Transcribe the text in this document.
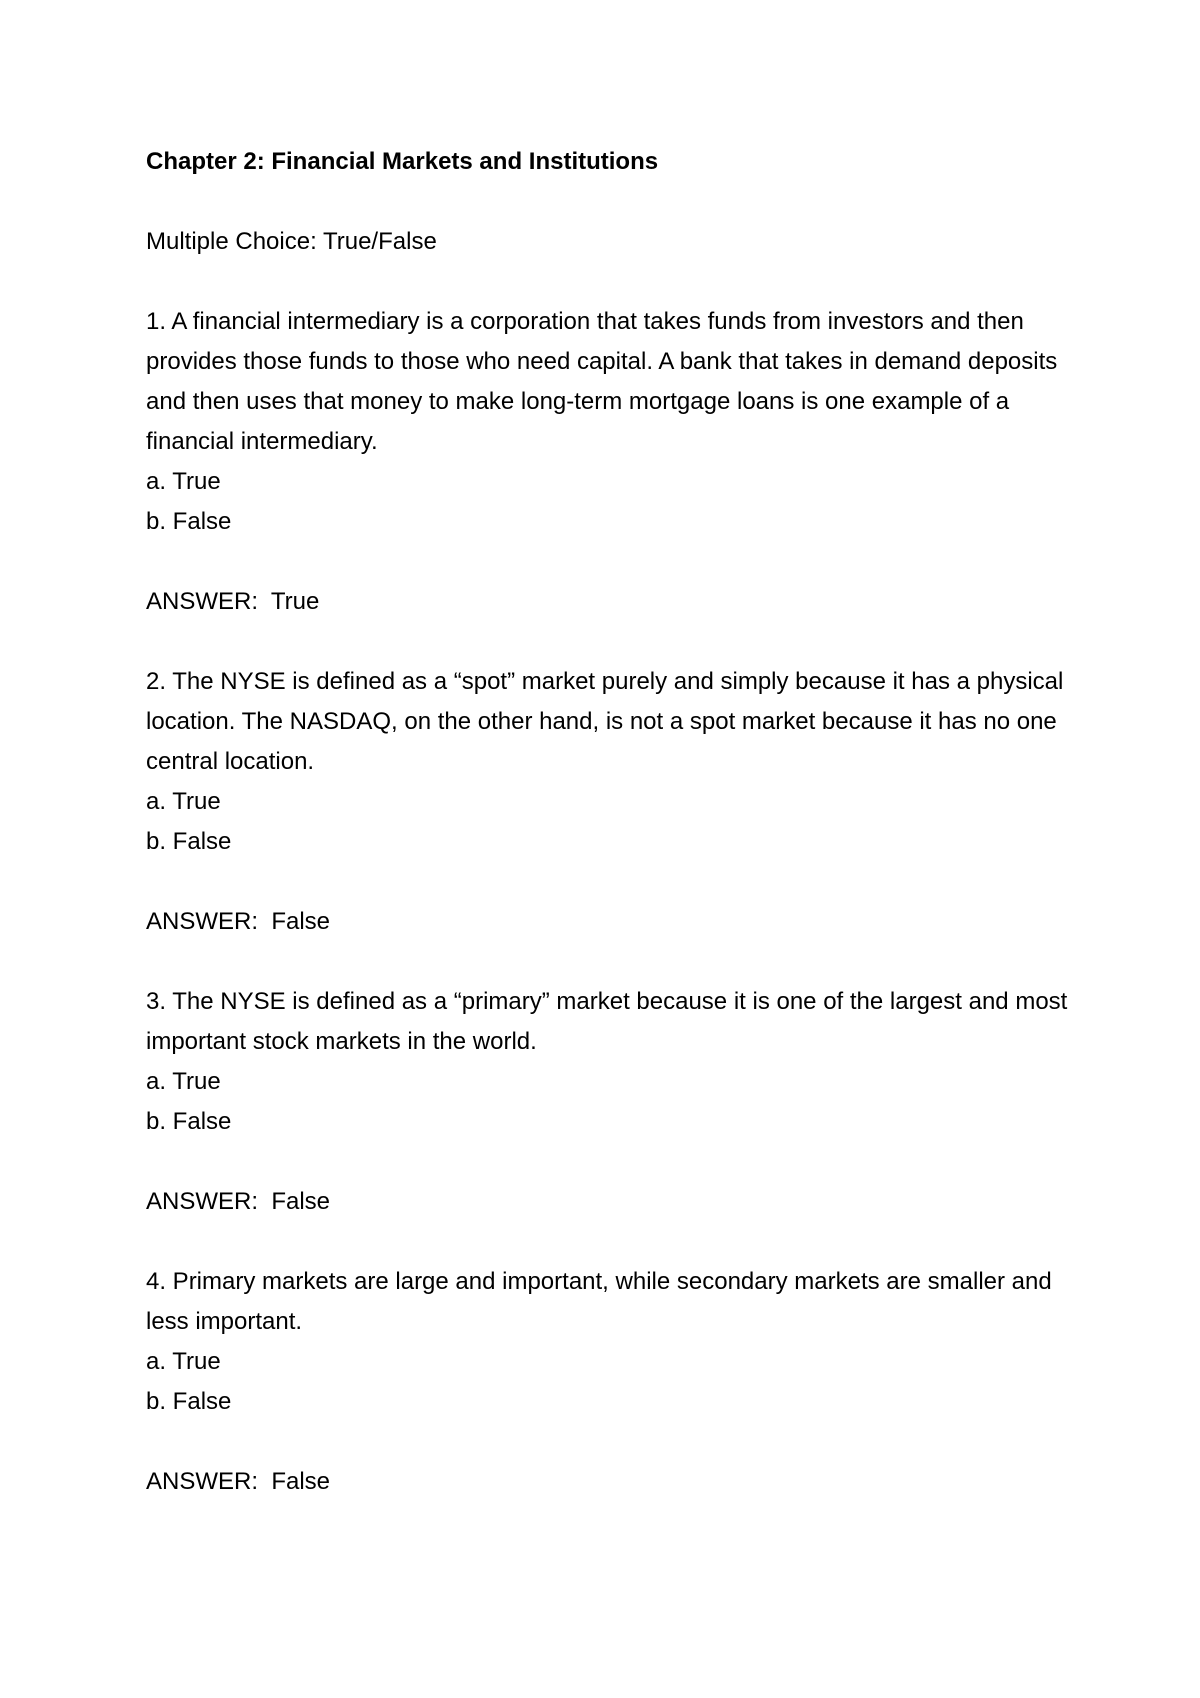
Chapter 2: Financial Markets and Institutions

Multiple Choice: True/False

1. A financial intermediary is a corporation that takes funds from investors and then provides those funds to those who need capital. A bank that takes in demand deposits and then uses that money to make long-term mortgage loans is one example of a financial intermediary.

a. True

b. False

ANSWER:  True

2. The NYSE is defined as a “spot” market purely and simply because it has a physical location. The NASDAQ, on the other hand, is not a spot market because it has no one central location.

a. True

b. False

ANSWER:  False

3. The NYSE is defined as a “primary” market because it is one of the largest and most important stock markets in the world.

a. True

b. False

ANSWER:  False

4. Primary markets are large and important, while secondary markets are smaller and less important.

a. True

b. False

ANSWER:  False
